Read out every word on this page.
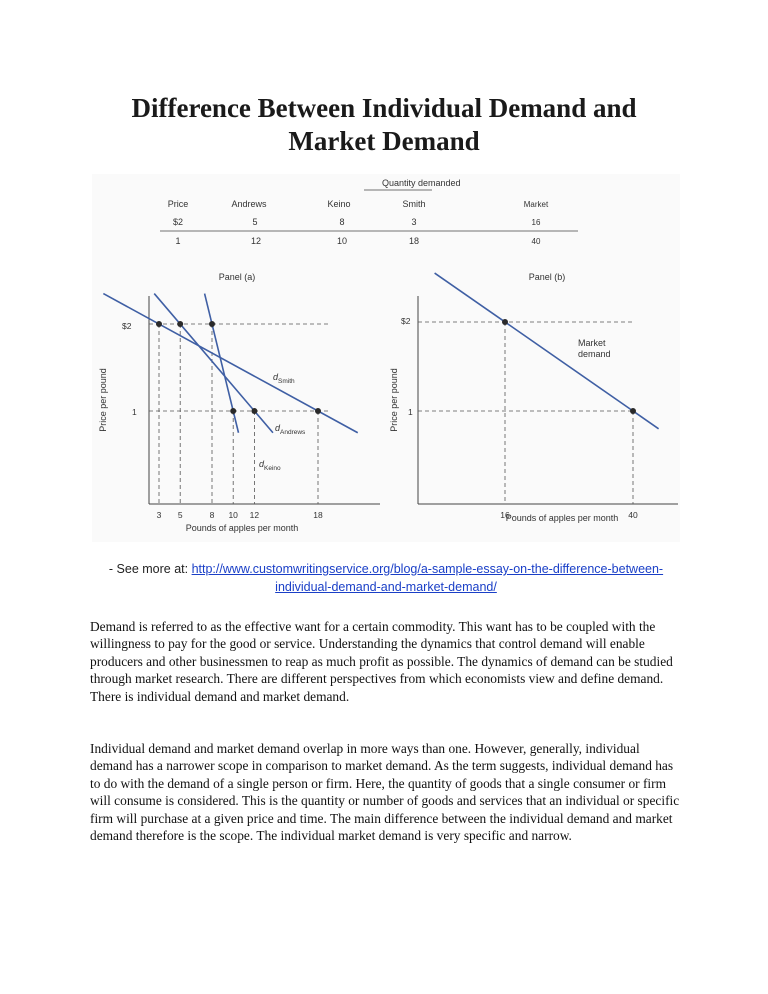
Difference Between Individual Demand and
Market Demand
Quantity demanded
Price	Andrews	Keino	Smith	Market
$2	5	8	3	16
1	12	10	18	40
Panel (a)
$2
1
Price per pound
Pounds of apples per month
3 5	8 10 12	18
$d_{Smith}$
$d_{Andrews}$
$d_{Keino}$
Panel (b)
$2
1
Price per pound
Pounds of apples per month
Market
demand
16	40
- See more at: http://www.customwritingservice.org/blog/a-sample-essay-on-the-difference-between-
individual-demand-and-market-demand/

Demand is referred to as the effective want for a certain commodity. This want has to be coupled with the willingness to pay for the good or service. Understanding the dynamics that control demand will enable producers and other businessmen to reap as much profit as possible. The dynamics of demand can be studied through market research. There are different perspectives from which economists view and define demand. There is individual demand and market demand.

Individual demand and market demand overlap in more ways than one. However, generally, individual demand has a narrower scope in comparison to market demand. As the term suggests, individual demand has to do with the demand of a single person or firm. Here, the quantity of goods that a single consumer or firm will consume is considered. This is the quantity or number of goods and services that an individual or specific firm will purchase at a given price and time. The main difference between the individual demand and market demand therefore is the scope. The individual market demand is very specific and narrow.
